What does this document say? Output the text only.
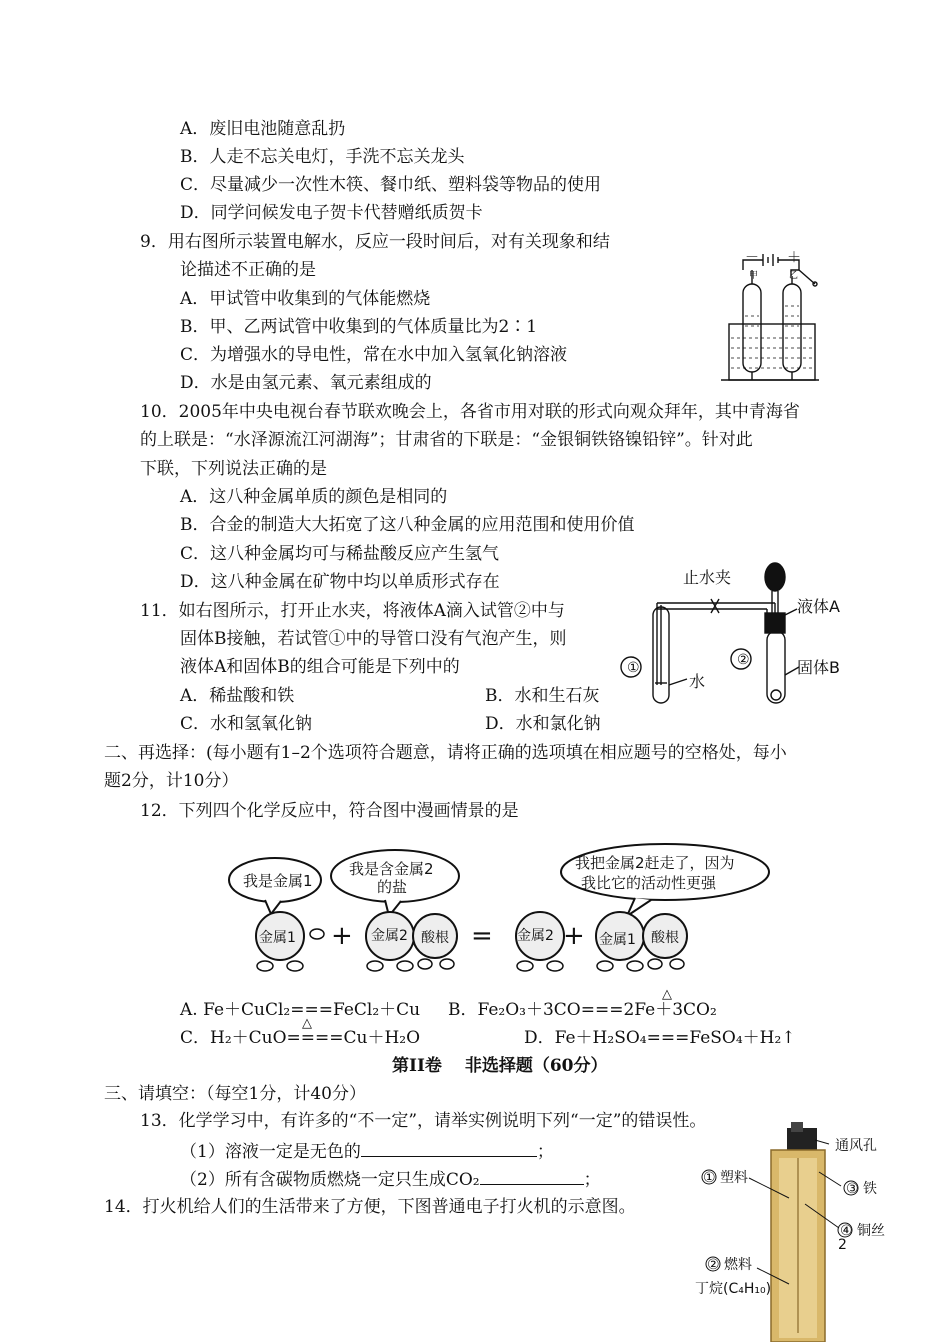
A．废旧电池随意乱扔
B．人走不忘关电灯，手洗不忘关龙头
C．尽量减少一次性木筷、餐巾纸、塑料袋等物品的使用
D．同学问候发电子贺卡代替赠纸质贺卡
9．用右图所示装置电解水，反应一段时间后，对有关现象和结
论描述不正确的是
A．甲试管中收集到的气体能燃烧
B．甲、乙两试管中收集到的气体质量比为2∶1
C．为增强水的导电性，常在水中加入氢氧化钠溶液
D．水是由氢元素、氧元素组成的
甲	乙
－ ＋
10．2005年中央电视台春节联欢晚会上，各省市用对联的形式向观众拜年，其中青海省
的上联是：“水泽源流江河湖海”；甘肃省的下联是：“金银铜铁铬镍铅锌”。针对此
下联，下列说法正确的是
A．这八种金属单质的颜色是相同的
B．合金的制造大大拓宽了这八种金属的应用范围和使用价值
C．这八种金属均可与稀盐酸反应产生氢气
D．这八种金属在矿物中均以单质形式存在
11．如右图所示，打开止水夹，将液体A滴入试管②中与
固体B接触，若试管①中的导管口没有气泡产生，则
液体A和固体B的组合可能是下列中的
A．稀盐酸和铁	B．水和生石灰
C．水和氢氧化钠	D．水和氯化钠
①	②
止水夹
液体A
固体B
水
二、再选择：(每小题有1–2个选项符合题意，请将正确的选项填在相应题号的空格处，每小
题2分，计10分）
12．下列四个化学反应中，符合图中漫画情景的是
我是金属1
我是含金属2
的盐
我把金属2赶走了，因为
我比它的活动性更强
金属1	金属2 酸根	金属2	金属1 酸根
+	=	+
△
A. Fe＋CuCl₂===FeCl₂＋Cu B．Fe₂O₃＋3CO===2Fe＋3CO₂
△
C．H₂＋CuO====Cu＋H₂O	D．Fe＋H₂SO₄===FeSO₄＋H₂↑
第II卷　 非选择题（60分）
三、请填空：（每空1分，计40分）
13．化学学习中，有许多的“不一定”，请举实例说明下列“一定”的错误性。
（1）溶液一定是无色的	；
（2）所有含碳物质燃烧一定只生成CO₂	；
14．打火机给人们的生活带来了方便，下图普通电子打火机的示意图。
通风孔
① 塑料
③ 铁
④ 铜丝
2
② 燃料
丁烷(C₄H₁₀)
